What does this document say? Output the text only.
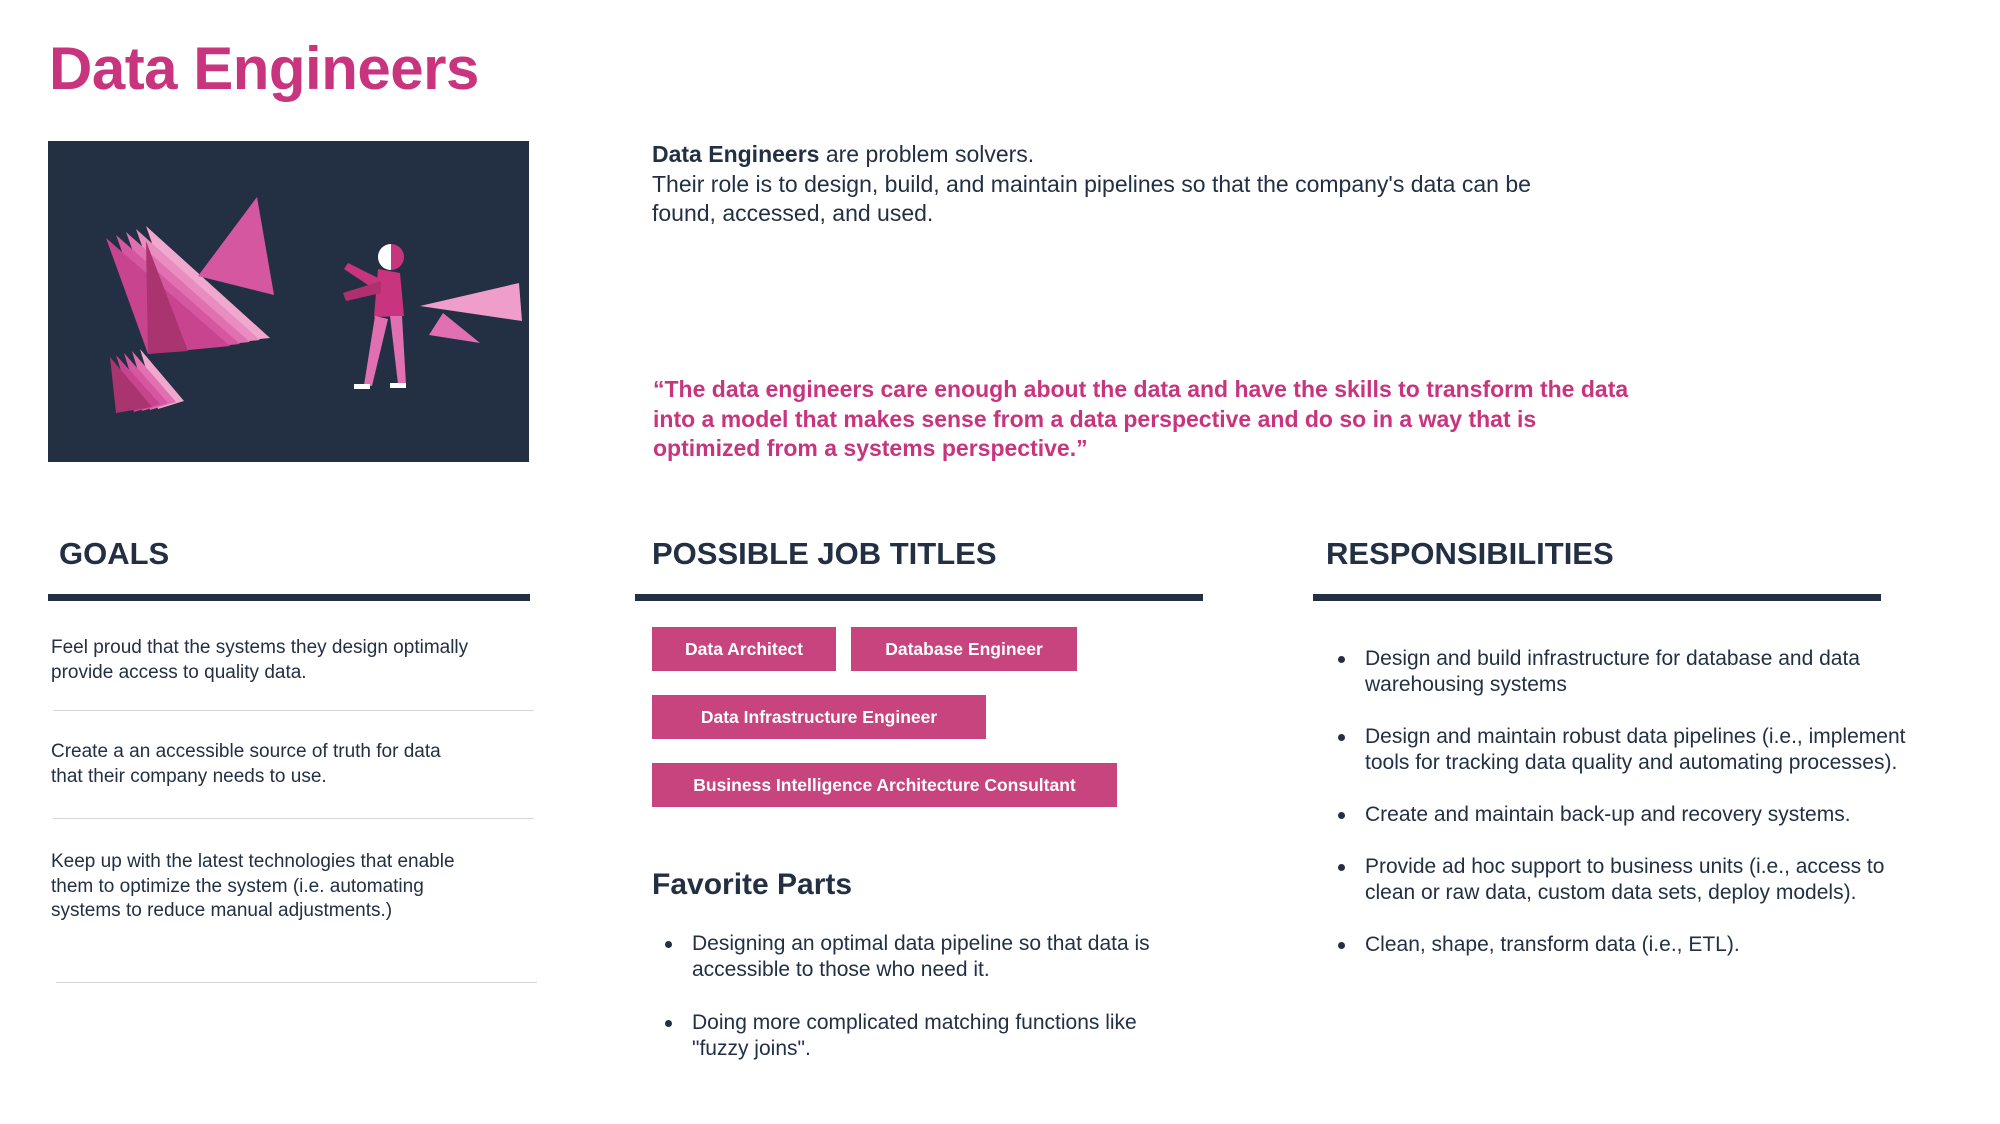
Data Engineers
Data Engineers are problem solvers.
Their role is to design, build, and maintain pipelines so that the company's data can be found, accessed, and used.
“The data engineers care enough about the data and have the skills to transform the data into a model that makes sense from a data perspective and do so in a way that is optimized from a systems perspective.”
GOALS
Feel proud that the systems they design optimally provide access to quality data.
Create a an accessible source of truth for data that their company needs to use.
Keep up with the latest technologies that enable them to optimize the system (i.e. automating systems to reduce manual adjustments.)
POSSIBLE JOB TITLES
Data Architect	Database Engineer
Data Infrastructure Engineer
Business Intelligence Architecture Consultant
Favorite Parts
Designing an optimal data pipeline so that data is accessible to those who need it.
Doing more complicated matching functions like "fuzzy joins".
RESPONSIBILITIES
Design and build infrastructure for database and data warehousing systems
Design and maintain robust data pipelines (i.e., implement tools for tracking data quality and automating processes).
Create and maintain back-up and recovery systems.
Provide ad hoc support to business units (i.e., access to clean or raw data, custom data sets, deploy models).
Clean, shape, transform data (i.e., ETL).
